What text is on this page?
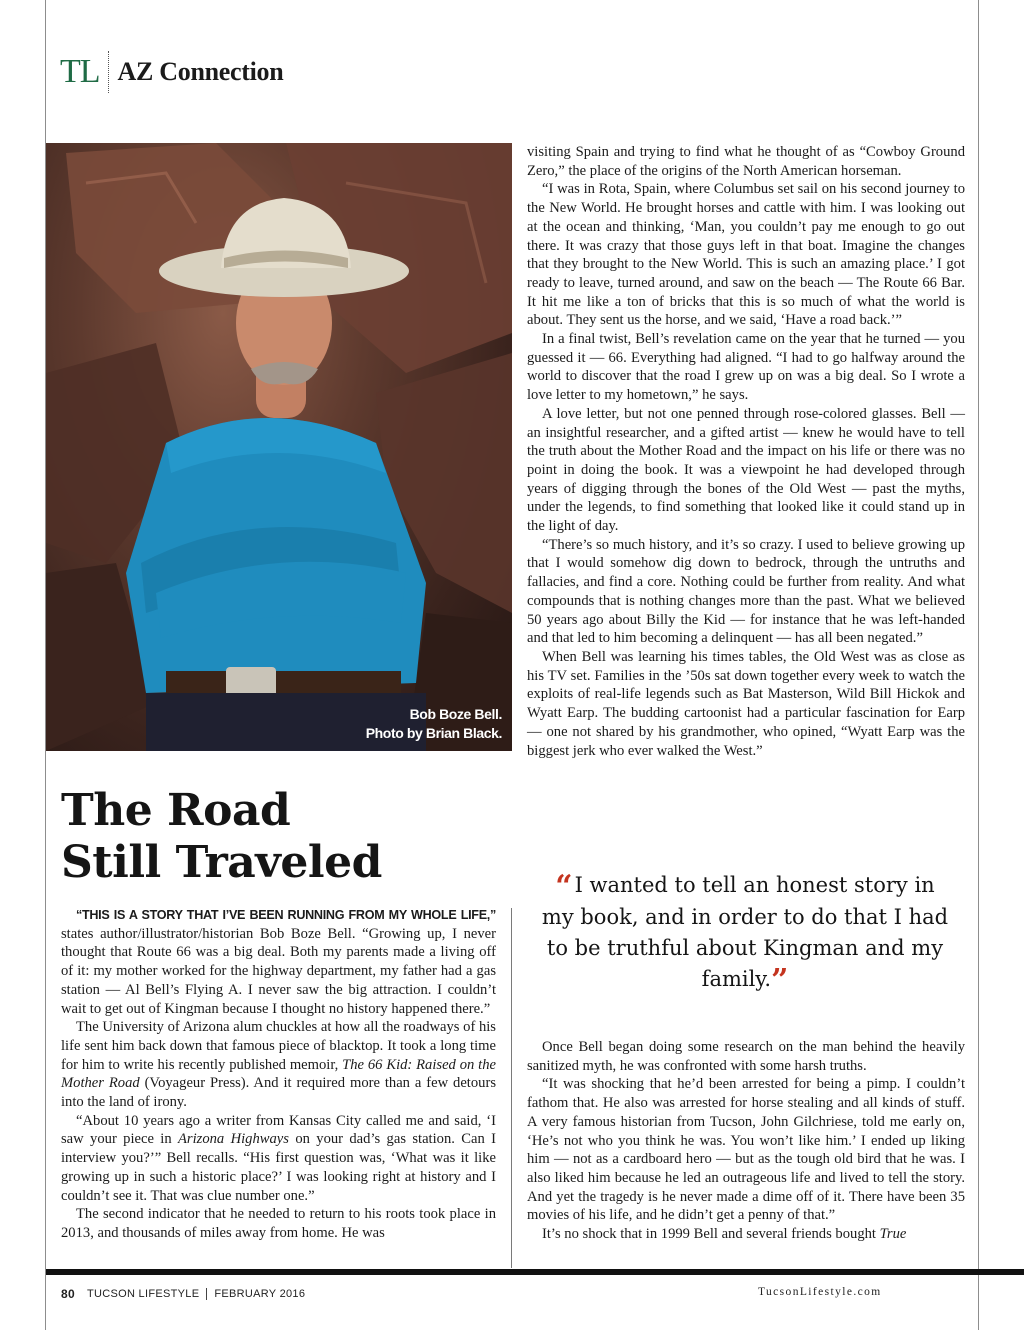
TL AZ Connection
Bob Boze Bell.
Photo by Brian Black.
The Road
Still Traveled

“THIS IS A STORY THAT I’VE BEEN RUNNING FROM MY WHOLE LIFE,” states author/illustrator/historian Bob Boze Bell. “Growing up, I never thought that Route 66 was a big deal. Both my parents made a living off of it: my mother worked for the highway department, my father had a gas station — Al Bell’s Flying A. I never saw the big attraction. I couldn’t wait to get out of Kingman because I thought no history happened there.”

The University of Arizona alum chuckles at how all the roadways of his life sent him back down that famous piece of blacktop. It took a long time for him to write his recently published memoir, The 66 Kid: Raised on the Mother Road (Voyageur Press). And it required more than a few detours into the land of irony.

“About 10 years ago a writer from Kansas City called me and said, ‘I saw your piece in Arizona Highways on your dad’s gas station. Can I interview you?’” Bell recalls. “His first question was, ‘What was it like growing up in such a historic place?’ I was looking right at history and I couldn’t see it. That was clue number one.”

The second indicator that he needed to return to his roots took place in 2013, and thousands of miles away from home. He was

visiting Spain and trying to find what he thought of as “Cowboy Ground Zero,” the place of the origins of the North American horseman.

“I was in Rota, Spain, where Columbus set sail on his second journey to the New World. He brought horses and cattle with him. I was looking out at the ocean and thinking, ‘Man, you couldn’t pay me enough to go out there. It was crazy that those guys left in that boat. Imagine the changes that they brought to the New World. This is such an amazing place.’ I got ready to leave, turned around, and saw on the beach — The Route 66 Bar. It hit me like a ton of bricks that this is so much of what the world is about. They sent us the horse, and we said, ‘Have a road back.’”

In a final twist, Bell’s revelation came on the year that he turned — you guessed it — 66. Everything had aligned. “I had to go halfway around the world to discover that the road I grew up on was a big deal. So I wrote a love letter to my hometown,” he says.

A love letter, but not one penned through rose-colored glasses. Bell — an insightful researcher, and a gifted artist — knew he would have to tell the truth about the Mother Road and the impact on his life or there was no point in doing the book. It was a viewpoint he had developed through years of digging through the bones of the Old West — past the myths, under the legends, to find something that looked like it could stand up in the light of day.

“There’s so much history, and it’s so crazy. I used to believe growing up that I would somehow dig down to bedrock, through the untruths and fallacies, and find a core. Nothing could be further from reality. And what compounds that is nothing changes more than the past. What we believed 50 years ago about Billy the Kid — for instance that he was left-handed and that led to him becoming a delinquent — has all been negated.”

When Bell was learning his times tables, the Old West was as close as his TV set. Families in the ’50s sat down together every week to watch the exploits of real-life legends such as Bat Masterson, Wild Bill Hickok and Wyatt Earp. The budding cartoonist had a particular fascination for Earp — one not shared by his grandmother, who opined, “Wyatt Earp was the biggest jerk who ever walked the West.”

“I wanted to tell an honest story in my book, and in order to do that I had to be truthful about Kingman and my family.”

Once Bell began doing some research on the man behind the heavily sanitized myth, he was confronted with some harsh truths.

“It was shocking that he’d been arrested for being a pimp. I couldn’t fathom that. He also was arrested for horse stealing and all kinds of stuff. A very famous historian from Tucson, John Gilchriese, told me early on, ‘He’s not who you think he was. You won’t like him.’ I ended up liking him — not as a cardboard hero — but as the tough old bird that he was. I also liked him because he led an outrageous life and lived to tell the story. And yet the tragedy is he never made a dime off of it. There have been 35 movies of his life, and he didn’t get a penny of that.”

It’s no shock that in 1999 Bell and several friends bought True

80 TUCSON LIFESTYLE FEBRUARY 2016	TucsonLifestyle.com
